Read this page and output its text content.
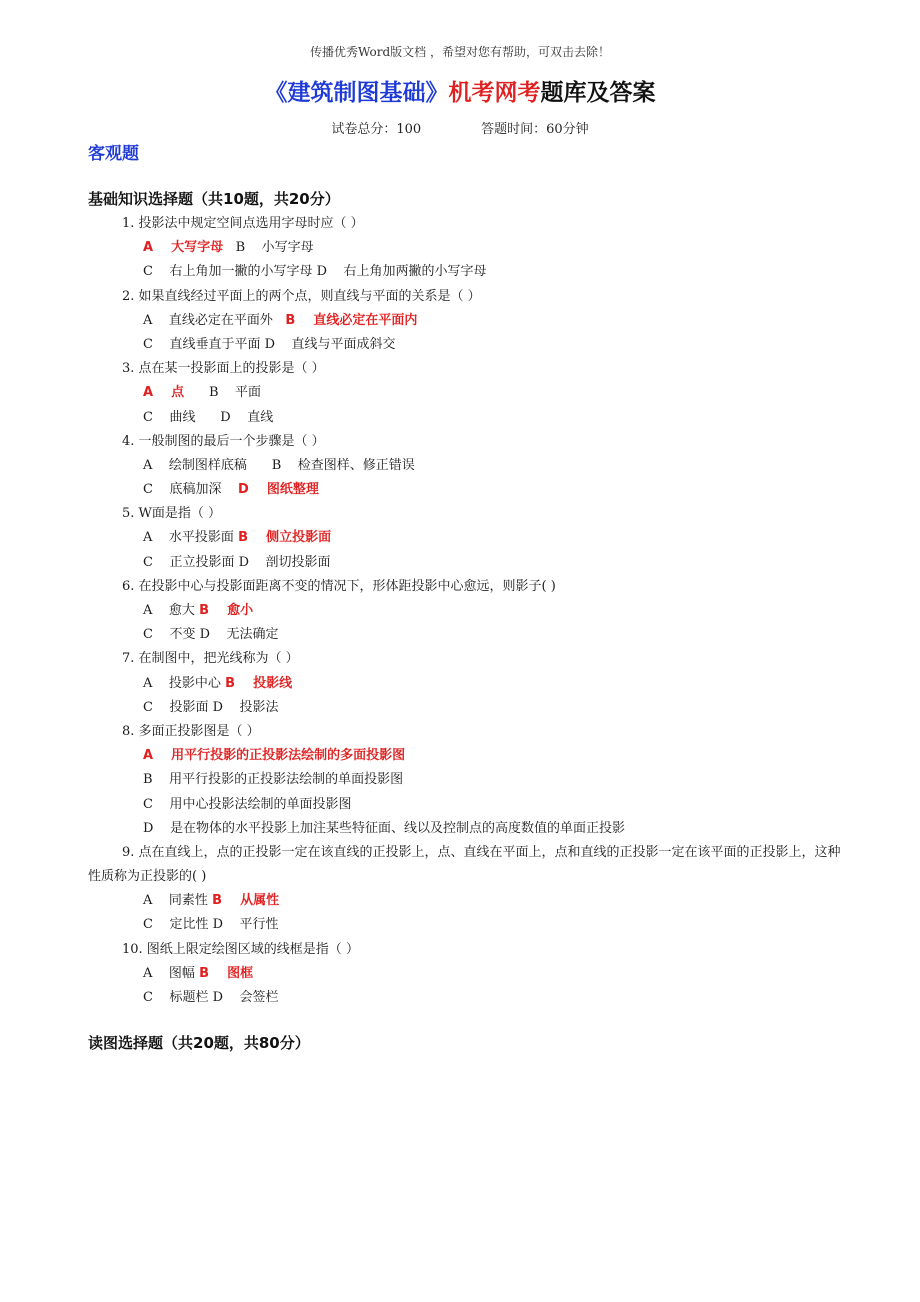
传播优秀Word版文档 ，希望对您有帮助，可双击去除！
《建筑制图基础》机考网考题库及答案
试卷总分：100	答题时间：60分钟
客观题
基础知识选择题（共10题，共20分）
1. 投影法中规定空间点选用字母时应（ ）
A    大写字母   B    小写字母
C    右上角加一撇的小写字母 D    右上角加两撇的小写字母
2. 如果直线经过平面上的两个点，则直线与平面的关系是（ ）
A    直线必定在平面外   B    直线必定在平面内
C    直线垂直于平面 D    直线与平面成斜交
3. 点在某一投影面上的投影是（ ）
A    点      B    平面
C    曲线      D    直线
4. 一般制图的最后一个步骤是（ ）
A    绘制图样底稿      B    检查图样、修正错误
C    底稿加深    D    图纸整理
5. W面是指（ ）
A    水平投影面 B    侧立投影面
C    正立投影面 D    剖切投影面
6. 在投影中心与投影面距离不变的情况下，形体距投影中心愈远，则影子( )
A    愈大 B    愈小
C    不变 D    无法确定
7. 在制图中，把光线称为（ ）
A    投影中心 B    投影线
C    投影面 D    投影法
8. 多面正投影图是（ ）
A    用平行投影的正投影法绘制的多面投影图
B    用平行投影的正投影法绘制的单面投影图
C    用中心投影法绘制的单面投影图
D    是在物体的水平投影上加注某些特征面、线以及控制点的高度数值的单面正投影
9. 点在直线上，点的正投影一定在该直线的正投影上，点、直线在平面上，点和直线的正投影一定在该平面的正投影上，这种性质称为正投影的( )
A    同素性 B    从属性
C    定比性 D    平行性
10. 图纸上限定绘图区域的线框是指（ ）
A    图幅 B    图框
C    标题栏 D    会签栏
读图选择题（共20题，共80分）
